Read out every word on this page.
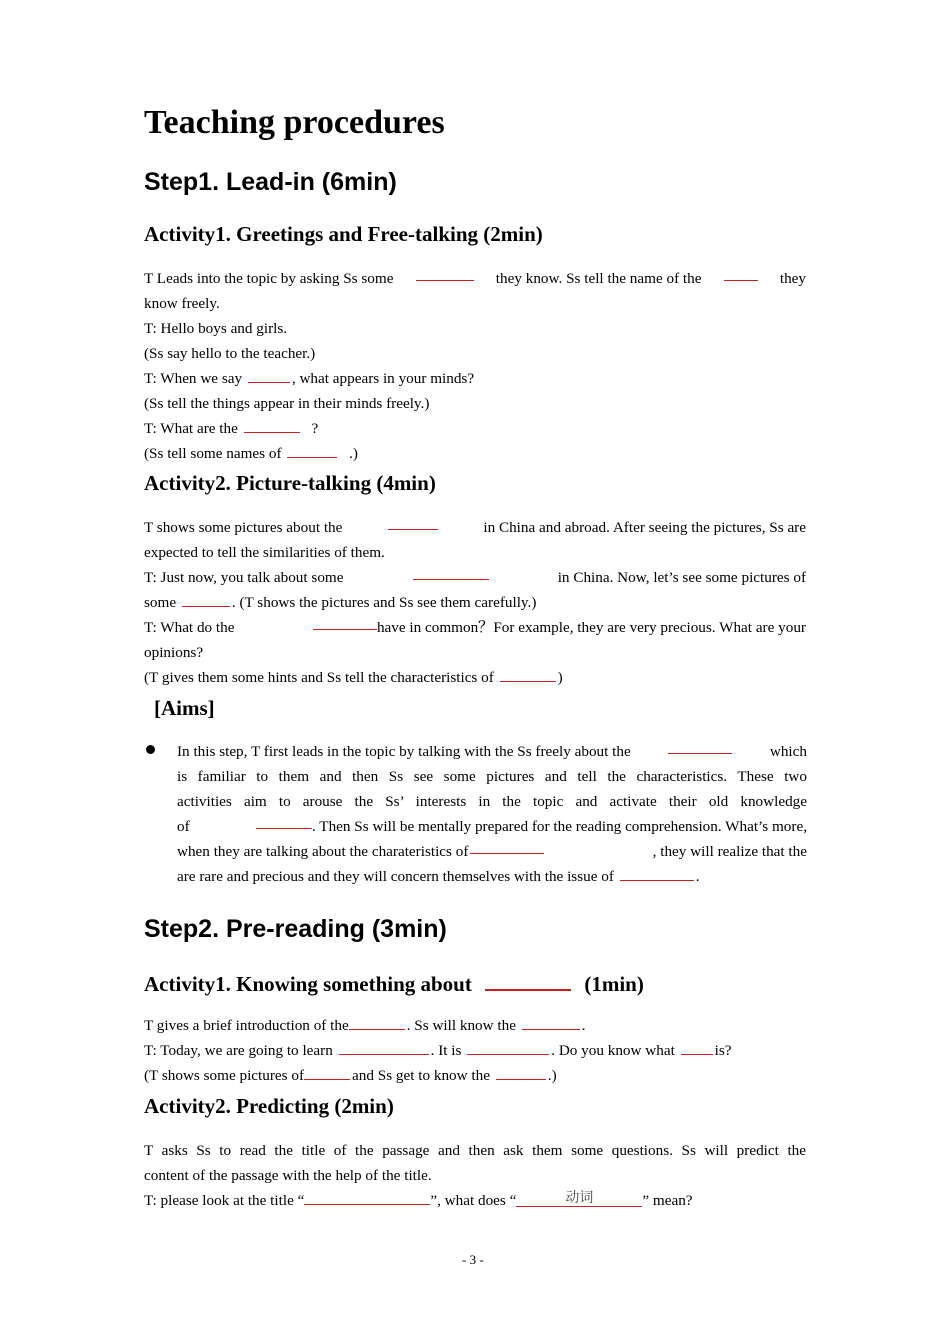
Teaching procedures
Step1. Lead-in (6min)
Activity1. Greetings and Free-talking (2min)
T Leads into the topic by asking Ss some	they know. Ss tell the name of the	they
know freely.
T: Hello boys and girls.
(Ss say hello to the teacher.)
T: When we say	, what appears in your minds?
(Ss tell the things appear in their minds freely.)
T: What are the	?
(Ss tell some names of	.)
Activity2. Picture-talking (4min)
T shows some pictures about the	in China and abroad. After seeing the pictures, Ss are
expected to tell the similarities of them.
T: Just now, you talk about some	in China. Now, let’s see some pictures of
some	. (T shows the pictures and Ss see them carefully.)
T: What do the	have in common？For example, they are very precious. What are your
opinions?
(T gives them some hints and Ss tell the characteristics of	)
[Aims]
In this step, T first leads in the topic by talking with the Ss freely about the	which
is familiar to them and then Ss see some pictures and tell the characteristics. These two
activities aim to arouse the Ss’ interests in the topic and activate their old knowledge
of	. Then Ss will be mentally prepared for the reading comprehension. What’s more,
when they are talking about the charateristics of	, they will realize that the
are rare and precious and they will concern themselves with the issue of	.
Step2. Pre-reading (3min)
Activity1. Knowing something about	(1min)
T gives a brief introduction of the	. Ss will know the	.
T: Today, we are going to learn	. It is	. Do you know what	is?
(T shows some pictures of	and Ss get to know the	.)
Activity2. Predicting (2min)
T asks Ss to read the title of the passage and then ask them some questions. Ss will predict the
content of the passage with the help of the title.
T: please look at the title “	”, what does “	动词	” mean?
- 3 -
